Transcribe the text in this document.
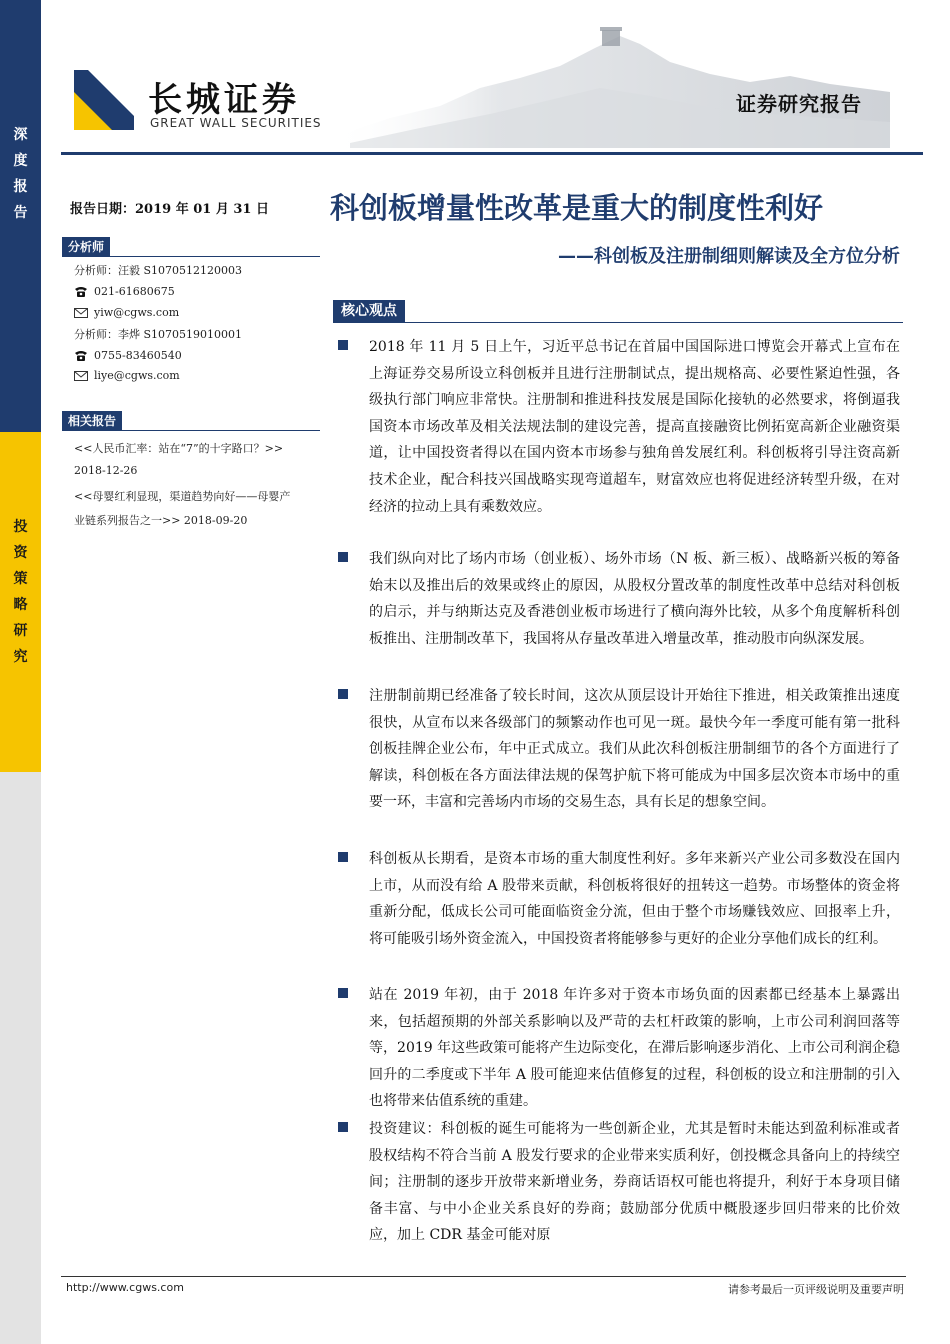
深
度
报
告
投
资
策
略
研
究
长城证券
GREAT WALL SECURITIES
证券研究报告
报告日期：2019 年 01 月 31 日
分析师
分析师：汪毅 S1070512120003
021-61680675
yiw@cgws.com
分析师：李烨 S1070519010001
0755-83460540
liye@cgws.com
相关报告
<<人民币汇率：站在“7”的十字路口？>>
2018-12-26
<<母婴红利显现，渠道趋势向好——母婴产
业链系列报告之一>> 2018-09-20
科创板增量性改革是重大的制度性利好
——科创板及注册制细则解读及全方位分析
核心观点
2018 年 11 月 5 日上午，习近平总书记在首届中国国际进口博览会开幕式上宣布在上海证券交易所设立科创板并且进行注册制试点，提出规格高、必要性紧迫性强，各级执行部门响应非常快。注册制和推进科技发展是国际化接轨的必然要求，将倒逼我国资本市场改革及相关法规法制的建设完善，提高直接融资比例拓宽高新企业融资渠道，让中国投资者得以在国内资本市场参与独角兽发展红利。科创板将引导注资高新技术企业，配合科技兴国战略实现弯道超车，财富效应也将促进经济转型升级，在对经济的拉动上具有乘数效应。
我们纵向对比了场内市场（创业板）、场外市场（N 板、新三板）、战略新兴板的筹备始末以及推出后的效果或终止的原因，从股权分置改革的制度性改革中总结对科创板的启示，并与纳斯达克及香港创业板市场进行了横向海外比较，从多个角度解析科创板推出、注册制改革下，我国将从存量改革进入增量改革，推动股市向纵深发展。
注册制前期已经准备了较长时间，这次从顶层设计开始往下推进，相关政策推出速度很快，从宣布以来各级部门的频繁动作也可见一斑。最快今年一季度可能有第一批科创板挂牌企业公布，年中正式成立。我们从此次科创板注册制细节的各个方面进行了解读，科创板在各方面法律法规的保驾护航下将可能成为中国多层次资本市场中的重要一环，丰富和完善场内市场的交易生态，具有长足的想象空间。
科创板从长期看，是资本市场的重大制度性利好。多年来新兴产业公司多数没在国内上市，从而没有给 A 股带来贡献，科创板将很好的扭转这一趋势。市场整体的资金将重新分配，低成长公司可能面临资金分流，但由于整个市场赚钱效应、回报率上升，将可能吸引场外资金流入，中国投资者将能够参与更好的企业分享他们成长的红利。
站在 2019 年初，由于 2018 年许多对于资本市场负面的因素都已经基本上暴露出来，包括超预期的外部关系影响以及严苛的去杠杆政策的影响，上市公司利润回落等等，2019 年这些政策可能将产生边际变化，在滞后影响逐步消化、上市公司利润企稳回升的二季度或下半年 A 股可能迎来估值修复的过程，科创板的设立和注册制的引入也将带来估值系统的重建。
投资建议：科创板的诞生可能将为一些创新企业，尤其是暂时未能达到盈利标准或者股权结构不符合当前 A 股发行要求的企业带来实质利好，创投概念具备向上的持续空间；注册制的逐步开放带来新增业务，券商话语权可能也将提升，利好于本身项目储备丰富、与中小企业关系良好的券商；鼓励部分优质中概股逐步回归带来的比价效应，加上 CDR 基金可能对原
http://www.cgws.com	请参考最后一页评级说明及重要声明
